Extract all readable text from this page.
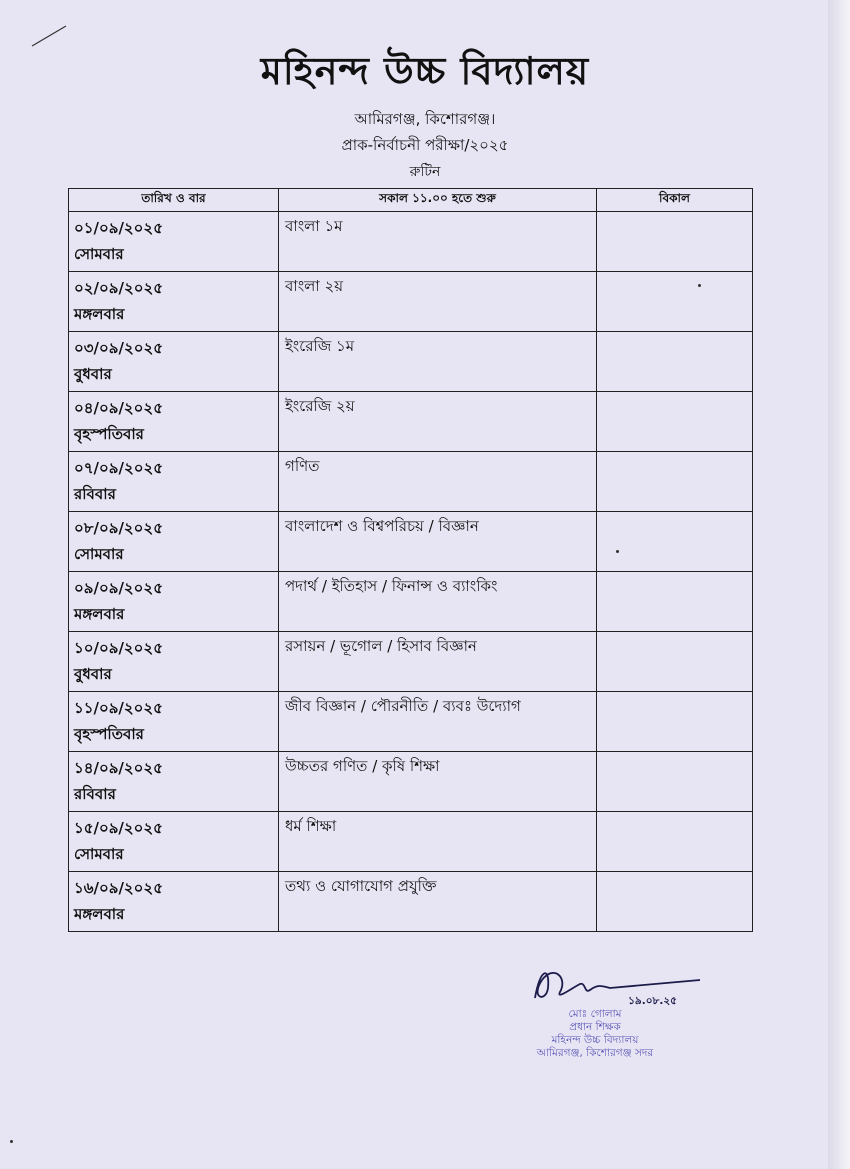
মহিনন্দ উচ্চ বিদ্যালয়
আমিরগঞ্জ, কিশোরগঞ্জ।
প্রাক-নির্বাচনী পরীক্ষা/২০২৫
রুটিন
তারিখ ও বার	সকাল ১১.০০ হতে শুরু	বিকাল

০১/০৯/২০২৫
সোমবার	বাংলা ১ম	

০২/০৯/২০২৫
মঙ্গলবার	বাংলা ২য়	

০৩/০৯/২০২৫
বুধবার	ইংরেজি ১ম	

০৪/০৯/২০২৫
বৃহস্পতিবার	ইংরেজি ২য়	

০৭/০৯/২০২৫
রবিবার	গণিত	

০৮/০৯/২০২৫
সোমবার	বাংলাদেশ ও বিশ্বপরিচয় / বিজ্ঞান	

০৯/০৯/২০২৫
মঙ্গলবার	পদার্থ / ইতিহাস / ফিনান্স ও ব্যাংকিং	

১০/০৯/২০২৫
বুধবার	রসায়ন / ভূগোল / হিসাব বিজ্ঞান	

১১/০৯/২০২৫
বৃহস্পতিবার	জীব বিজ্ঞান / পৌরনীতি / ব্যবঃ উদ্যোগ	

১৪/০৯/২০২৫
রবিবার	উচ্চতর গণিত / কৃষি শিক্ষা	

১৫/০৯/২০২৫
সোমবার	ধর্ম শিক্ষা	

১৬/০৯/২০২৫
মঙ্গলবার	তথ্য ও যোগাযোগ প্রযুক্তি	
১৯.০৮.২৫
মোঃ গোলাম
প্রধান শিক্ষক
মহিনন্দ উচ্চ বিদ্যালয়
আমিরগঞ্জ, কিশোরগঞ্জ সদর
